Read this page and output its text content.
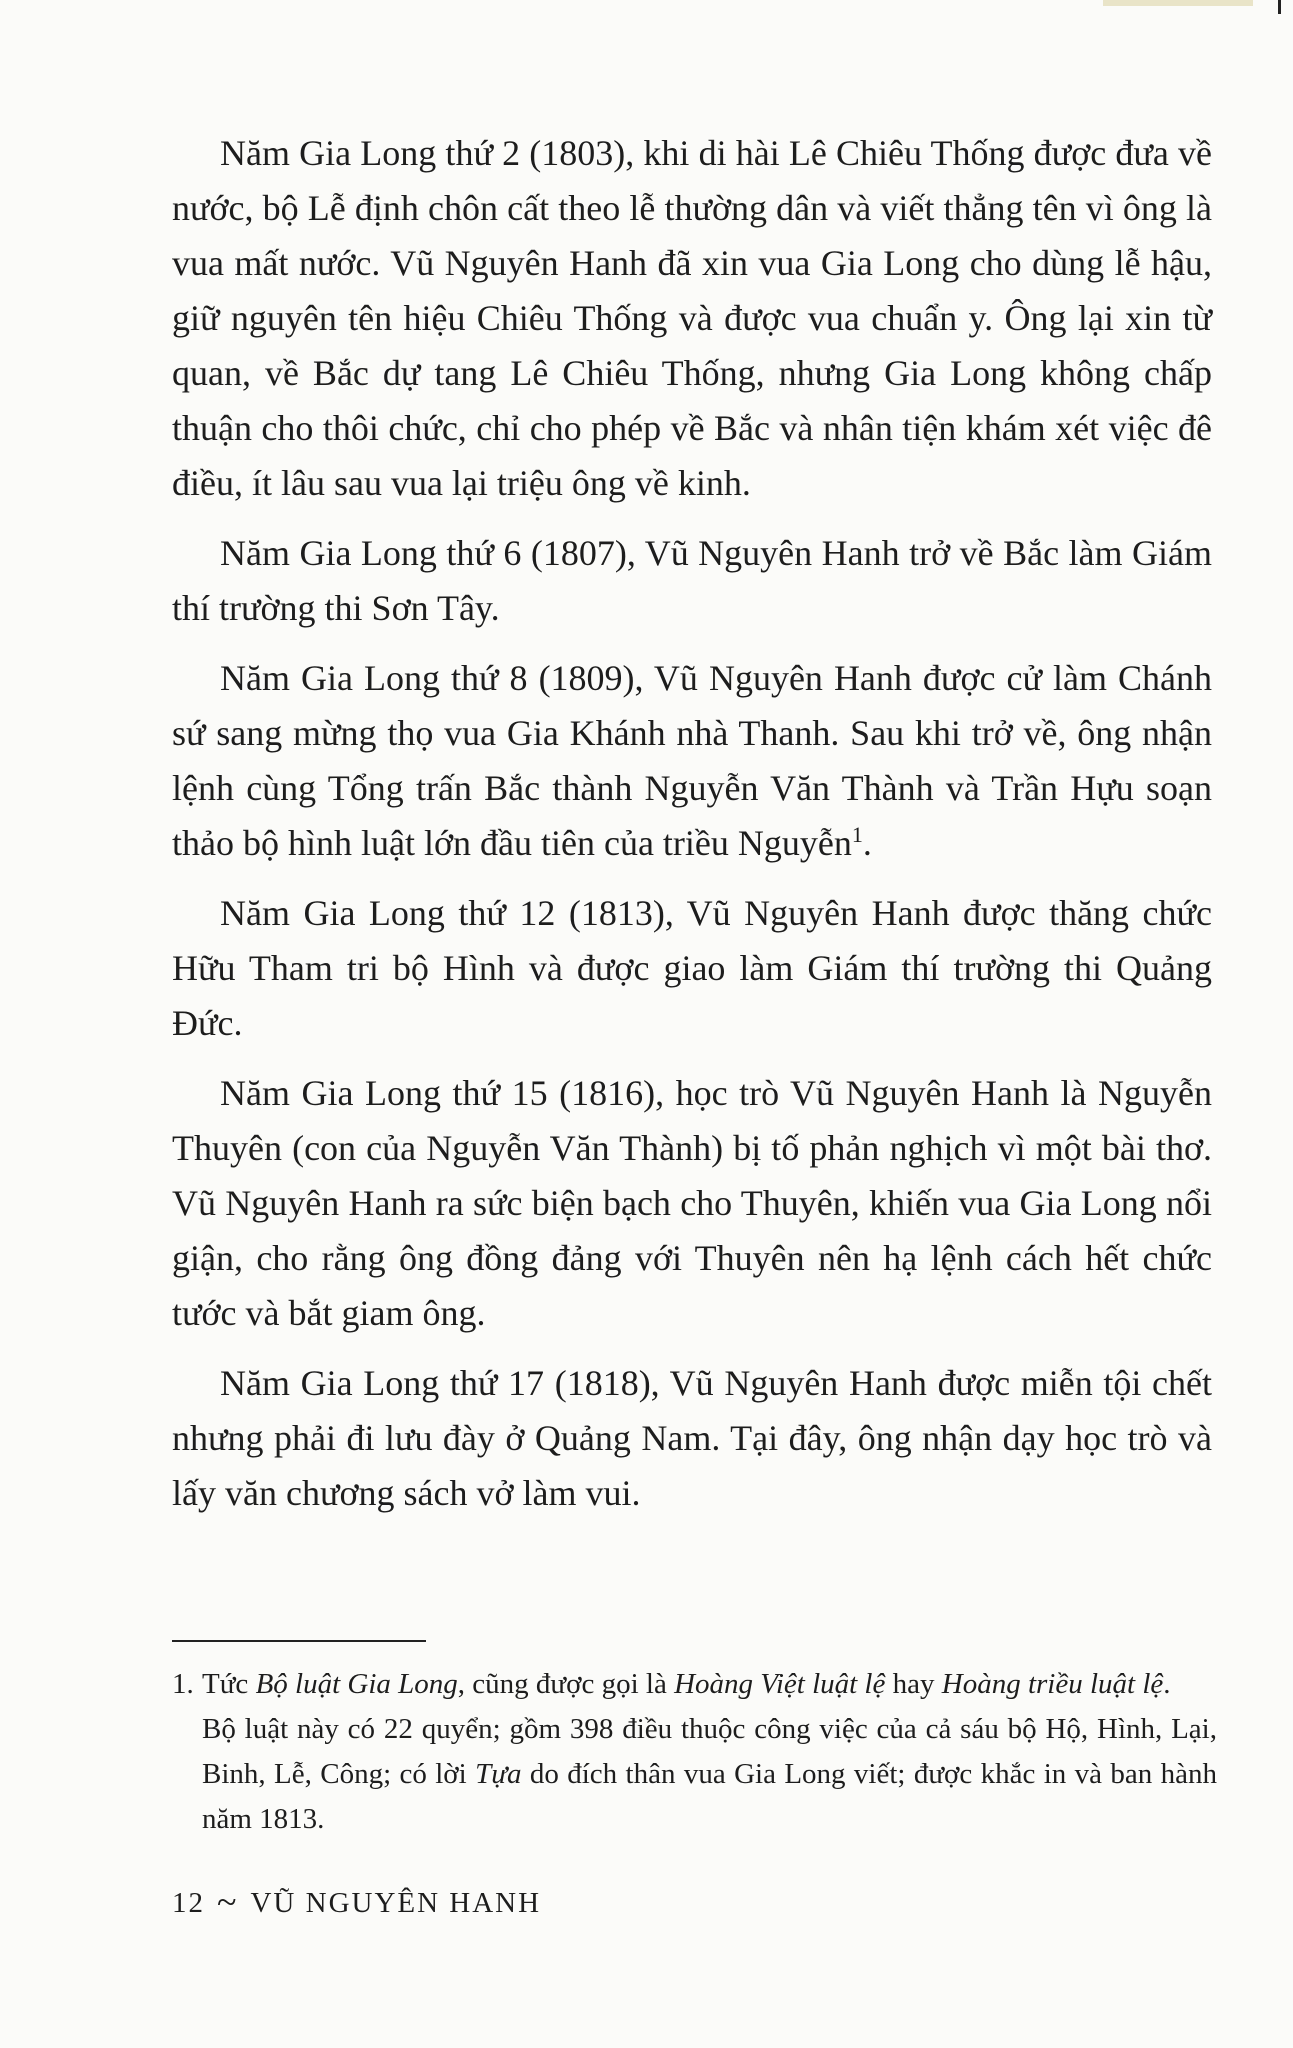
Năm Gia Long thứ 2 (1803), khi di hài Lê Chiêu Thống được đưa về nước, bộ Lễ định chôn cất theo lễ thường dân và viết thẳng tên vì ông là vua mất nước. Vũ Nguyên Hanh đã xin vua Gia Long cho dùng lễ hậu, giữ nguyên tên hiệu Chiêu Thống và được vua chuẩn y. Ông lại xin từ quan, về Bắc dự tang Lê Chiêu Thống, nhưng Gia Long không chấp thuận cho thôi chức, chỉ cho phép về Bắc và nhân tiện khám xét việc đê điều, ít lâu sau vua lại triệu ông về kinh.

Năm Gia Long thứ 6 (1807), Vũ Nguyên Hanh trở về Bắc làm Giám thí trường thi Sơn Tây.

Năm Gia Long thứ 8 (1809), Vũ Nguyên Hanh được cử làm Chánh sứ sang mừng thọ vua Gia Khánh nhà Thanh. Sau khi trở về, ông nhận lệnh cùng Tổng trấn Bắc thành Nguyễn Văn Thành và Trần Hựu soạn thảo bộ hình luật lớn đầu tiên của triều Nguyễn$^1$.

Năm Gia Long thứ 12 (1813), Vũ Nguyên Hanh được thăng chức Hữu Tham tri bộ Hình và được giao làm Giám thí trường thi Quảng Đức.

Năm Gia Long thứ 15 (1816), học trò Vũ Nguyên Hanh là Nguyễn Thuyên (con của Nguyễn Văn Thành) bị tố phản nghịch vì một bài thơ. Vũ Nguyên Hanh ra sức biện bạch cho Thuyên, khiến vua Gia Long nổi giận, cho rằng ông đồng đảng với Thuyên nên hạ lệnh cách hết chức tước và bắt giam ông.

Năm Gia Long thứ 17 (1818), Vũ Nguyên Hanh được miễn tội chết nhưng phải đi lưu đày ở Quảng Nam. Tại đây, ông nhận dạy học trò và lấy văn chương sách vở làm vui.

1. Tức Bộ luật Gia Long, cũng được gọi là Hoàng Việt luật lệ hay Hoàng triều luật lệ.
Bộ luật này có 22 quyển; gồm 398 điều thuộc công việc của cả sáu bộ Hộ, Hình, Lại, Binh, Lễ, Công; có lời Tựa do đích thân vua Gia Long viết; được khắc in và ban hành năm 1813.
12 ~ VŨ NGUYÊN HANH
